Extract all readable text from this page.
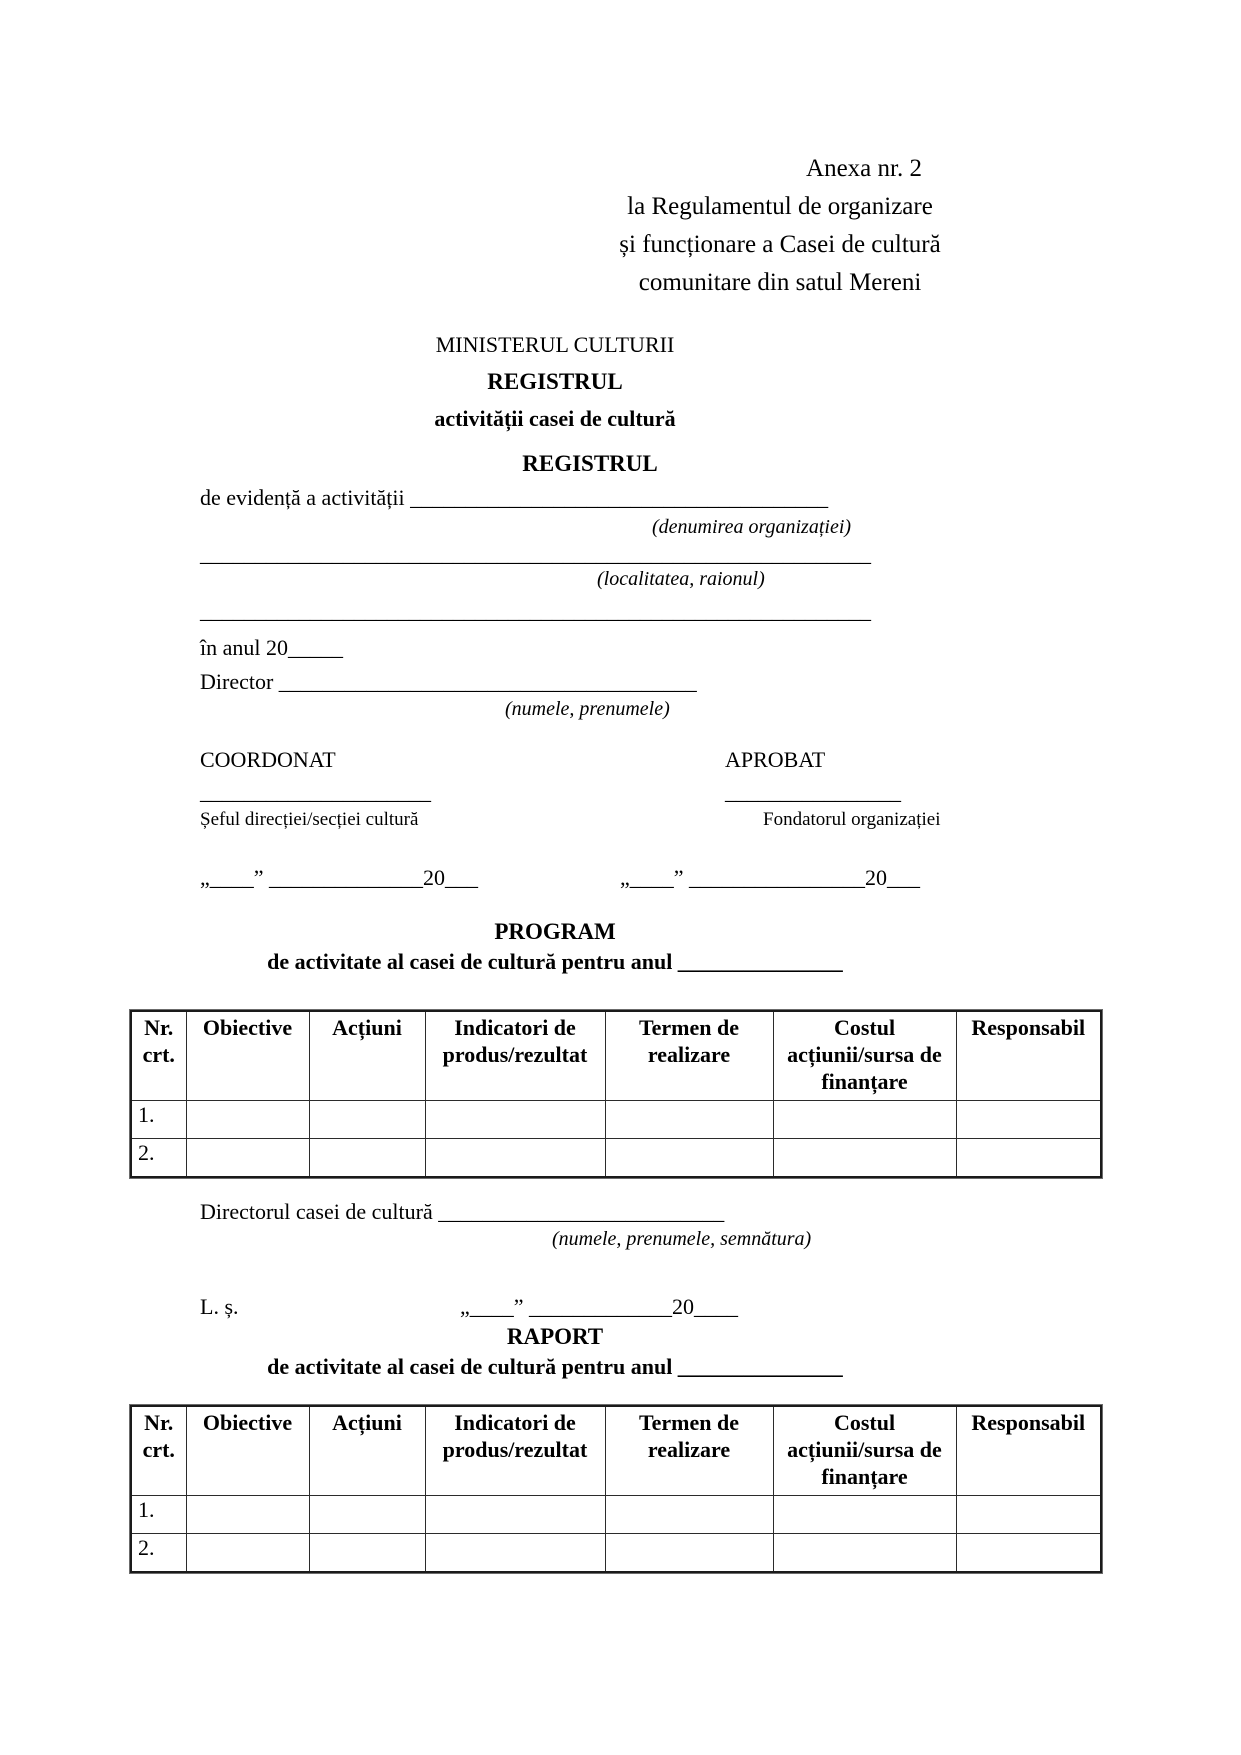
Anexa nr. 2
la Regulamentul de organizare
și funcționare a Casei de cultură
comunitare din satul Mereni
MINISTERUL CULTURII
REGISTRUL
activității casei de cultură
REGISTRUL
de evidență a activității ______________________________________
(denumirea organizației)
_____________________________________________________________
(localitatea, raionul)
_____________________________________________________________
în anul 20_____
Director ______________________________________
(numele, prenumele)
COORDONAT	APROBAT
_____________________	________________
Șeful direcției/secției cultură	Fondatorul organizației
„____” ______________20___	„____” ________________20___
PROGRAM
de activitate al casei de cultură pentru anul _______________
Nr. crt.	Obiective	Acțiuni	Indicatori de produs/rezultat	Termen de realizare	Costul acțiunii/sursa de finanțare	Responsabil
1.						
2.						
Directorul casei de cultură __________________________
(numele, prenumele, semnătura)
L. ș.	„____” _____________20____
RAPORT
de activitate al casei de cultură pentru anul _______________
Nr. crt.	Obiective	Acțiuni	Indicatori de produs/rezultat	Termen de realizare	Costul acțiunii/sursa de finanțare	Responsabil
1.						
2.						
